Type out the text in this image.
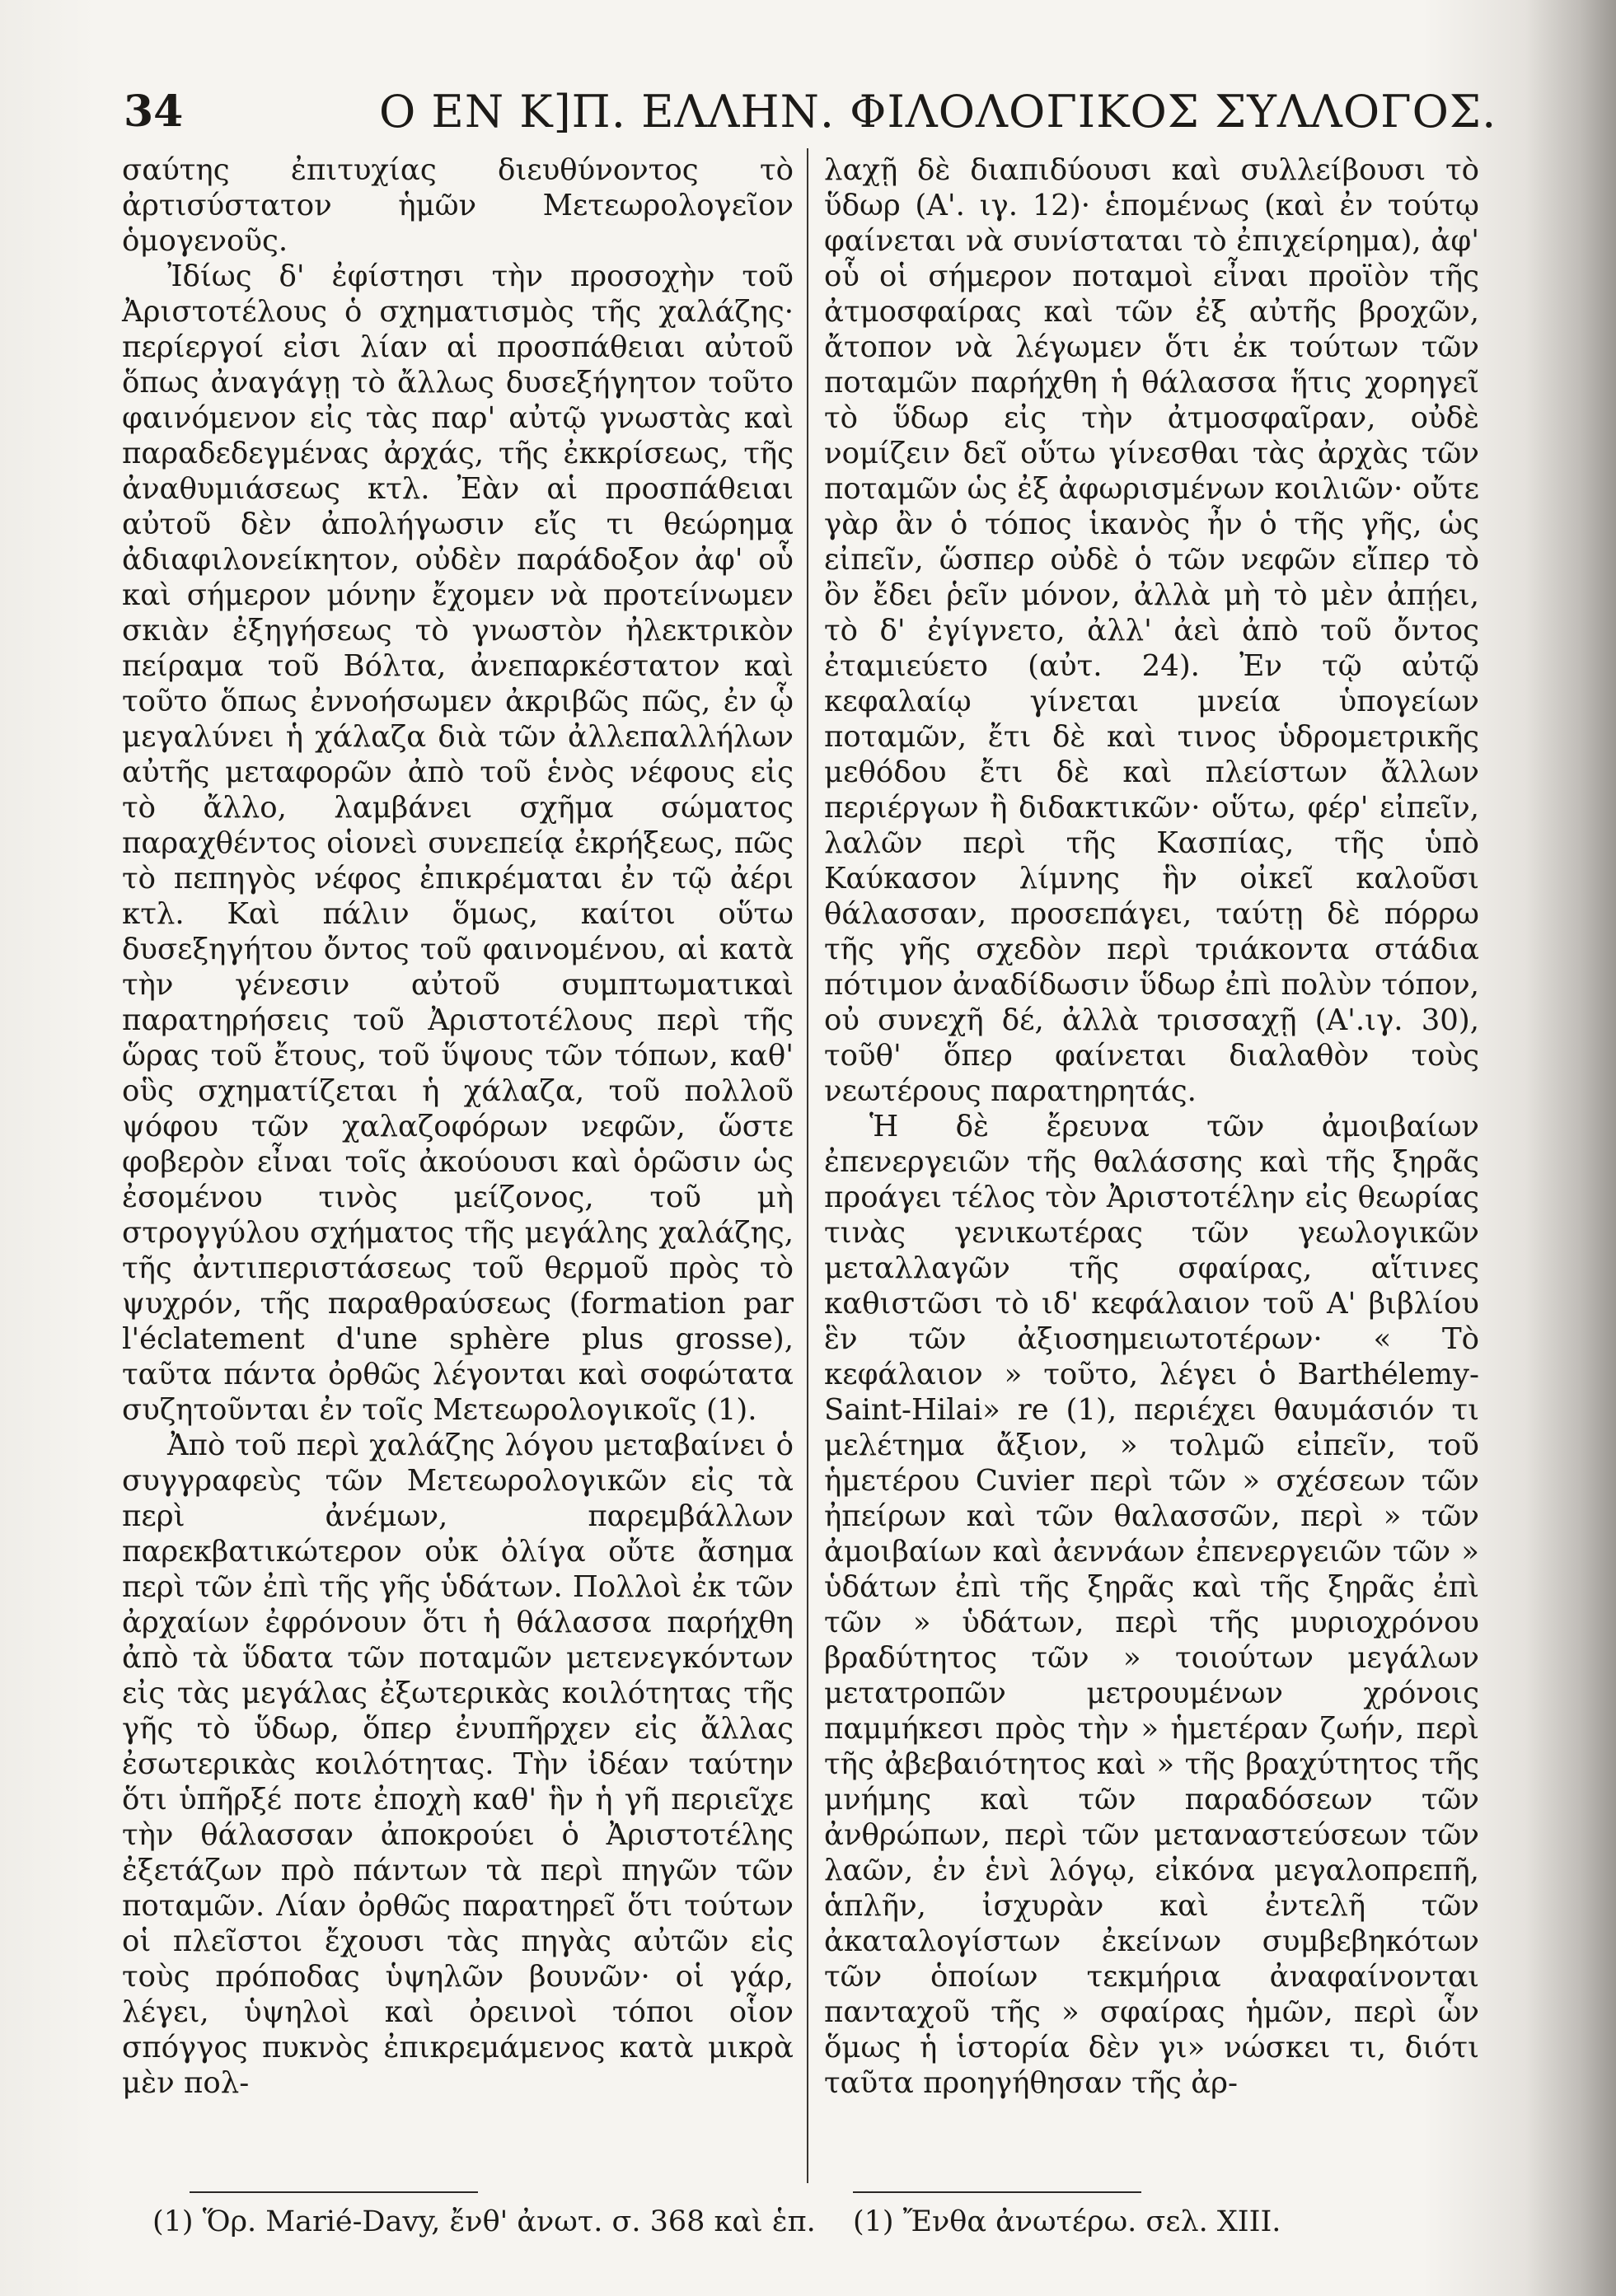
34	Ο ΕΝ Κ]Π. ΕΛΛΗΝ. ΦΙΛΟΛΟΓΙΚΟΣ ΣΥΛΛΟΓΟΣ.

σαύτης ἐπιτυχίας διευθύνοντος τὸ ἀρτισύστατον ἡμῶν Μετεωρολογεῖον ὁμογενοῦς.

Ἰδίως δ' ἐφίστησι τὴν προσοχὴν τοῦ Ἀριστοτέλους ὁ σχηματισμὸς τῆς χαλάζης· περίεργοί εἰσι λίαν αἱ προσπάθειαι αὐτοῦ ὅπως ἀναγάγῃ τὸ ἄλλως δυσεξήγητον τοῦτο φαινόμενον εἰς τὰς παρ' αὐτῷ γνωστὰς καὶ παραδεδεγμένας ἀρχάς, τῆς ἐκκρίσεως, τῆς ἀναθυμιάσεως κτλ. Ἐὰν αἱ προσπάθειαι αὐτοῦ δὲν ἀπολήγωσιν εἴς τι θεώρημα ἀδιαφιλονείκητον, οὐδὲν παράδοξον ἀφ' οὗ καὶ σήμερον μόνην ἔχομεν νὰ προτείνωμεν σκιὰν ἐξηγήσεως τὸ γνωστὸν ἠλεκτρικὸν πείραμα τοῦ Βόλτα, ἀνεπαρκέστατον καὶ τοῦτο ὅπως ἐννοήσωμεν ἀκριβῶς πῶς, ἐν ᾧ μεγαλύνει ἡ χάλαζα διὰ τῶν ἀλλεπαλλήλων αὐτῆς μεταφορῶν ἀπὸ τοῦ ἑνὸς νέφους εἰς τὸ ἄλλο, λαμβάνει σχῆμα σώματος παραχθέντος οἱονεὶ συνεπείᾳ ἐκρήξεως, πῶς τὸ πεπηγὸς νέφος ἐπικρέμαται ἐν τῷ ἀέρι κτλ. Καὶ πάλιν ὅμως, καίτοι οὕτω δυσεξηγήτου ὄντος τοῦ φαινομένου, αἱ κατὰ τὴν γένεσιν αὐτοῦ συμπτωματικαὶ παρατηρήσεις τοῦ Ἀριστοτέλους περὶ τῆς ὥρας τοῦ ἔτους, τοῦ ὕψους τῶν τόπων, καθ' οὓς σχηματίζεται ἡ χάλαζα, τοῦ πολλοῦ ψόφου τῶν χαλαζοφόρων νεφῶν, ὥστε φοβερὸν εἶναι τοῖς ἀκούουσι καὶ ὁρῶσιν ὡς ἐσομένου τινὸς μείζονος, τοῦ μὴ στρογγύλου σχήματος τῆς μεγάλης χαλάζης, τῆς ἀντιπεριστάσεως τοῦ θερμοῦ πρὸς τὸ ψυχρόν, τῆς παραθραύσεως (formation par l'éclatement d'une sphère plus grosse), ταῦτα πάντα ὀρθῶς λέγονται καὶ σοφώτατα συζητοῦνται ἐν τοῖς Μετεωρολογικοῖς (1).

Ἀπὸ τοῦ περὶ χαλάζης λόγου μεταβαίνει ὁ συγγραφεὺς τῶν Μετεωρολογικῶν εἰς τὰ περὶ ἀνέμων, παρεμβάλλων παρεκβατικώτερον οὐκ ὀλίγα οὔτε ἄσημα περὶ τῶν ἐπὶ τῆς γῆς ὑδάτων. Πολλοὶ ἐκ τῶν ἀρχαίων ἐφρόνουν ὅτι ἡ θάλασσα παρήχθη ἀπὸ τὰ ὕδατα τῶν ποταμῶν μετενεγκόντων εἰς τὰς μεγάλας ἐξωτερικὰς κοιλότητας τῆς γῆς τὸ ὕδωρ, ὅπερ ἐνυπῆρχεν εἰς ἄλλας ἐσωτερικὰς κοιλότητας. Τὴν ἰδέαν ταύτην ὅτι ὑπῆρξέ ποτε ἐποχὴ καθ' ἣν ἡ γῆ περιεῖχε τὴν θάλασσαν ἀποκρούει ὁ Ἀριστοτέλης ἐξετάζων πρὸ πάντων τὰ περὶ πηγῶν τῶν ποταμῶν. Λίαν ὀρθῶς παρατηρεῖ ὅτι τούτων οἱ πλεῖστοι ἔχουσι τὰς πηγὰς αὐτῶν εἰς τοὺς πρόποδας ὑψηλῶν βουνῶν· οἱ γάρ, λέγει, ὑψηλοὶ καὶ ὀρεινοὶ τόποι οἷον σπόγγος πυκνὸς ἐπικρεμάμενος κατὰ μικρὰ μὲν πολ-

λαχῇ δὲ διαπιδύουσι καὶ συλλείβουσι τὸ ὕδωρ (Α'. ιγ. 12)· ἑπομένως (καὶ ἐν τούτῳ φαίνεται νὰ συνίσταται τὸ ἐπιχείρημα), ἀφ' οὗ οἱ σήμερον ποταμοὶ εἶναι προϊὸν τῆς ἀτμοσφαίρας καὶ τῶν ἐξ αὐτῆς βροχῶν, ἄτοπον νὰ λέγωμεν ὅτι ἐκ τούτων τῶν ποταμῶν παρήχθη ἡ θάλασσα ἥτις χορηγεῖ τὸ ὕδωρ εἰς τὴν ἀτμοσφαῖραν, οὐδὲ νομίζειν δεῖ οὕτω γίνεσθαι τὰς ἀρχὰς τῶν ποταμῶν ὡς ἐξ ἀφωρισμένων κοιλιῶν· οὔτε γὰρ ἂν ὁ τόπος ἱκανὸς ἦν ὁ τῆς γῆς, ὡς εἰπεῖν, ὥσπερ οὐδὲ ὁ τῶν νεφῶν εἴπερ τὸ ὂν ἔδει ῥεῖν μόνον, ἀλλὰ μὴ τὸ μὲν ἀπῄει, τὸ δ' ἐγίγνετο, ἀλλ' ἀεὶ ἀπὸ τοῦ ὄντος ἐταμιεύετο (αὐτ. 24). Ἐν τῷ αὐτῷ κεφαλαίῳ γίνεται μνεία ὑπογείων ποταμῶν, ἔτι δὲ καὶ τινος ὑδρομετρικῆς μεθόδου ἔτι δὲ καὶ πλείστων ἄλλων περιέργων ἢ διδακτικῶν· οὕτω, φέρ' εἰπεῖν, λαλῶν περὶ τῆς Κασπίας, τῆς ὑπὸ Καύκασον λίμνης ἣν οἰκεῖ καλοῦσι θάλασσαν, προσεπάγει, ταύτῃ δὲ πόρρω τῆς γῆς σχεδὸν περὶ τριάκοντα στάδια πότιμον ἀναδίδωσιν ὕδωρ ἐπὶ πολὺν τόπον, οὐ συνεχῆ δέ, ἀλλὰ τρισσαχῇ (Α'.ιγ. 30), τοῦθ' ὅπερ φαίνεται διαλαθὸν τοὺς νεωτέρους παρατηρητάς.

Ἡ δὲ ἔρευνα τῶν ἀμοιβαίων ἐπενεργειῶν τῆς θαλάσσης καὶ τῆς ξηρᾶς προάγει τέλος τὸν Ἀριστοτέλην εἰς θεωρίας τινὰς γενικωτέρας τῶν γεωλογικῶν μεταλλαγῶν τῆς σφαίρας, αἵτινες καθιστῶσι τὸ ιδ' κεφάλαιον τοῦ Α' βιβλίου ἓν τῶν ἀξιοσημειωτοτέρων· « Τὸ κεφάλαιον » τοῦτο, λέγει ὁ Barthélemy-Saint-Hilai» re (1), περιέχει θαυμάσιόν τι μελέτημα ἄξιον, » τολμῶ εἰπεῖν, τοῦ ἡμετέρου Cuvier περὶ τῶν » σχέσεων τῶν ἠπείρων καὶ τῶν θαλασσῶν, περὶ » τῶν ἀμοιβαίων καὶ ἀεννάων ἐπενεργειῶν τῶν » ὑδάτων ἐπὶ τῆς ξηρᾶς καὶ τῆς ξηρᾶς ἐπὶ τῶν » ὑδάτων, περὶ τῆς μυριοχρόνου βραδύτητος τῶν » τοιούτων μεγάλων μετατροπῶν μετρουμένων χρόνοις παμμήκεσι πρὸς τὴν » ἡμετέραν ζωήν, περὶ τῆς ἀβεβαιότητος καὶ » τῆς βραχύτητος τῆς μνήμης καὶ τῶν παραδόσεων τῶν ἀνθρώπων, περὶ τῶν μεταναστεύσεων τῶν λαῶν, ἐν ἑνὶ λόγῳ, εἰκόνα μεγαλοπρεπῆ, ἁπλῆν, ἰσχυρὰν καὶ ἐντελῆ τῶν ἀκαταλογίστων ἐκείνων συμβεβηκότων τῶν ὁποίων τεκμήρια ἀναφαίνονται πανταχοῦ τῆς » σφαίρας ἡμῶν, περὶ ὧν ὅμως ἡ ἱστορία δὲν γι» νώσκει τι, διότι ταῦτα προηγήθησαν τῆς ἀρ-

(1) Ὅρ. Marié-Davy, ἔνθ' ἀνωτ. σ. 368 καὶ ἑπ. (1) Ἔνθα ἀνωτέρω. σελ. XIII.
